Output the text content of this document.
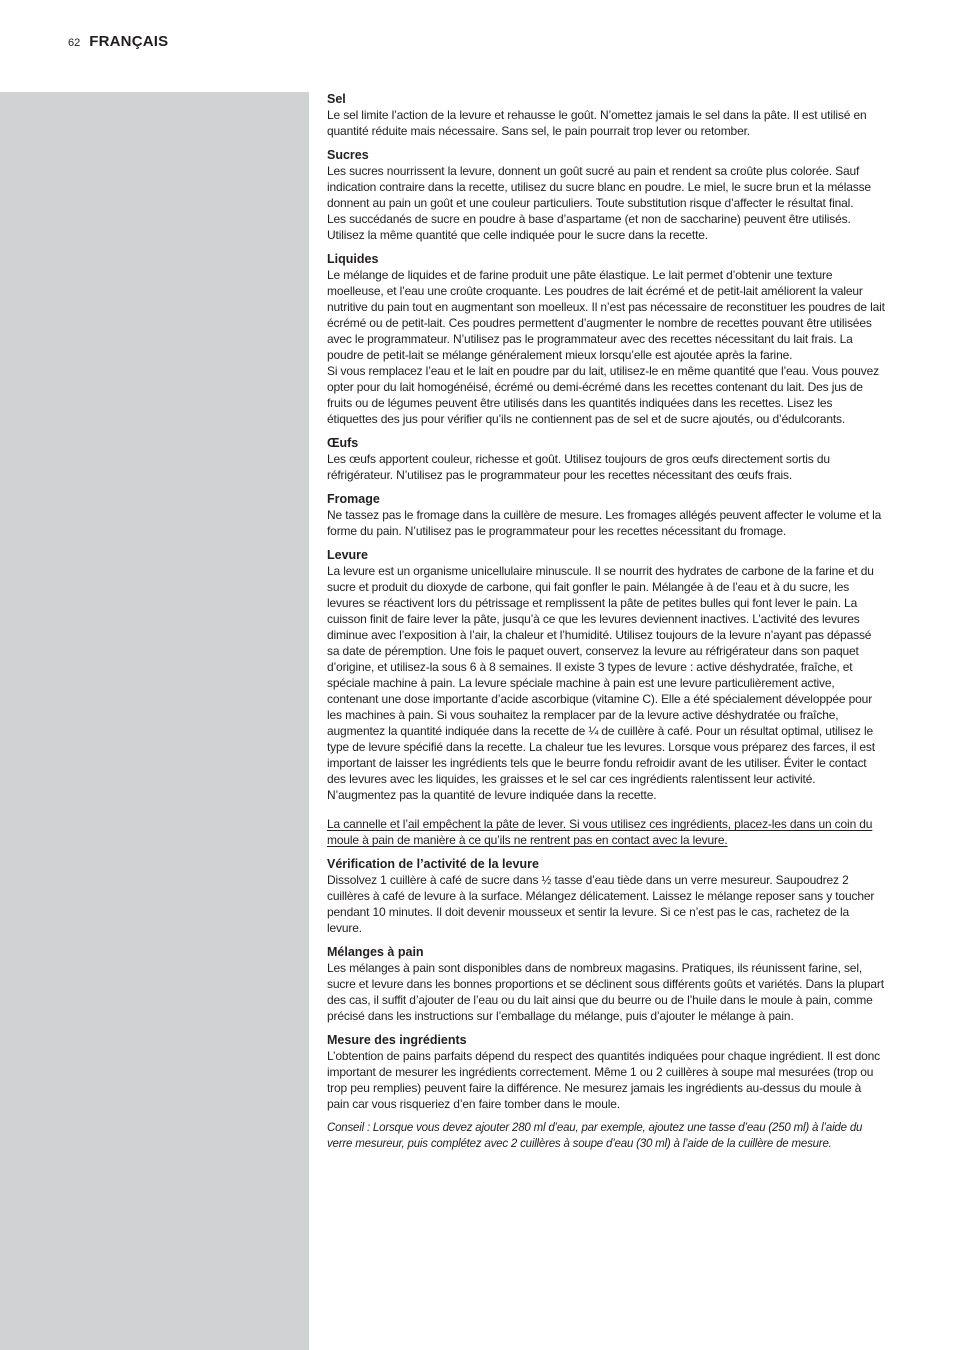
62 FRANÇAIS

Sel

Le sel limite l’action de la levure et rehausse le goût. N’omettez jamais le sel dans la pâte. Il est utilisé en quantité réduite mais nécessaire. Sans sel, le pain pourrait trop lever ou retomber.

Sucres

Les sucres nourrissent la levure, donnent un goût sucré au pain et rendent sa croûte plus colorée. Sauf indication contraire dans la recette, utilisez du sucre blanc en poudre. Le miel, le sucre brun et la mélasse donnent au pain un goût et une couleur particuliers. Toute substitution risque d’affecter le résultat final.

Les succédanés de sucre en poudre à base d’aspartame (et non de saccharine) peuvent être utilisés. Utilisez la même quantité que celle indiquée pour le sucre dans la recette.

Liquides

Le mélange de liquides et de farine produit une pâte élastique. Le lait permet d’obtenir une texture moelleuse, et l’eau une croûte croquante. Les poudres de lait écrémé et de petit-lait améliorent la valeur nutritive du pain tout en augmentant son moelleux. Il n’est pas nécessaire de reconstituer les poudres de lait écrémé ou de petit-lait. Ces poudres permettent d’augmenter le nombre de recettes pouvant être utilisées avec le programmateur. N’utilisez pas le programmateur avec des recettes nécessitant du lait frais. La poudre de petit-lait se mélange généralement mieux lorsqu’elle est ajoutée après la farine.

Si vous remplacez l’eau et le lait en poudre par du lait, utilisez-le en même quantité que l’eau. Vous pouvez opter pour du lait homogénéisé, écrémé ou demi-écrémé dans les recettes contenant du lait. Des jus de fruits ou de légumes peuvent être utilisés dans les quantités indiquées dans les recettes. Lisez les étiquettes des jus pour vérifier qu’ils ne contiennent pas de sel et de sucre ajoutés, ou d’édulcorants.

Œufs

Les œufs apportent couleur, richesse et goût. Utilisez toujours de gros œufs directement sortis du réfrigérateur. N’utilisez pas le programmateur pour les recettes nécessitant des œufs frais.

Fromage

Ne tassez pas le fromage dans la cuillère de mesure. Les fromages allégés peuvent affecter le volume et la forme du pain. N’utilisez pas le programmateur pour les recettes nécessitant du fromage.

Levure

La levure est un organisme unicellulaire minuscule. Il se nourrit des hydrates de carbone de la farine et du sucre et produit du dioxyde de carbone, qui fait gonfler le pain. Mélangée à de l’eau et à du sucre, les levures se réactivent lors du pétrissage et remplissent la pâte de petites bulles qui font lever le pain. La cuisson finit de faire lever la pâte, jusqu’à ce que les levures deviennent inactives. L’activité des levures diminue avec l’exposition à l’air, la chaleur et l’humidité. Utilisez toujours de la levure n’ayant pas dépassé sa date de péremption. Une fois le paquet ouvert, conservez la levure au réfrigérateur dans son paquet d’origine, et utilisez-la sous 6 à 8 semaines. Il existe 3 types de levure : active déshydratée, fraîche, et spéciale machine à pain. La levure spéciale machine à pain est une levure particulièrement active, contenant une dose importante d’acide ascorbique (vitamine C). Elle a été spécialement développée pour les machines à pain. Si vous souhaitez la remplacer par de la levure active déshydratée ou fraîche, augmentez la quantité indiquée dans la recette de ¼ de cuillère à café. Pour un résultat optimal, utilisez le type de levure spécifié dans la recette. La chaleur tue les levures. Lorsque vous préparez des farces, il est important de laisser les ingrédients tels que le beurre fondu refroidir avant de les utiliser. Éviter le contact des levures avec les liquides, les graisses et le sel car ces ingrédients ralentissent leur activité. N’augmentez pas la quantité de levure indiquée dans la recette.

La cannelle et l’ail empêchent la pâte de lever. Si vous utilisez ces ingrédients, placez-les dans un coin du moule à pain de manière à ce qu’ils ne rentrent pas en contact avec la levure.

Vérification de l’activité de la levure

Dissolvez 1 cuillère à café de sucre dans ½ tasse d’eau tiède dans un verre mesureur. Saupoudrez 2 cuillères à café de levure à la surface. Mélangez délicatement. Laissez le mélange reposer sans y toucher pendant 10 minutes. Il doit devenir mousseux et sentir la levure. Si ce n’est pas le cas, rachetez de la levure.

Mélanges à pain

Les mélanges à pain sont disponibles dans de nombreux magasins. Pratiques, ils réunissent farine, sel, sucre et levure dans les bonnes proportions et se déclinent sous différents goûts et variétés. Dans la plupart des cas, il suffit d’ajouter de l’eau ou du lait ainsi que du beurre ou de l’huile dans le moule à pain, comme précisé dans les instructions sur l’emballage du mélange, puis d’ajouter le mélange à pain.

Mesure des ingrédients

L’obtention de pains parfaits dépend du respect des quantités indiquées pour chaque ingrédient. Il est donc important de mesurer les ingrédients correctement. Même 1 ou 2 cuillères à soupe mal mesurées (trop ou trop peu remplies) peuvent faire la différence. Ne mesurez jamais les ingrédients au-dessus du moule à pain car vous risqueriez d’en faire tomber dans le moule.

Conseil : Lorsque vous devez ajouter 280 ml d’eau, par exemple, ajoutez une tasse d’eau (250 ml) à l’aide du verre mesureur, puis complétez avec 2 cuillères à soupe d’eau (30 ml) à l’aide de la cuillère de mesure.
